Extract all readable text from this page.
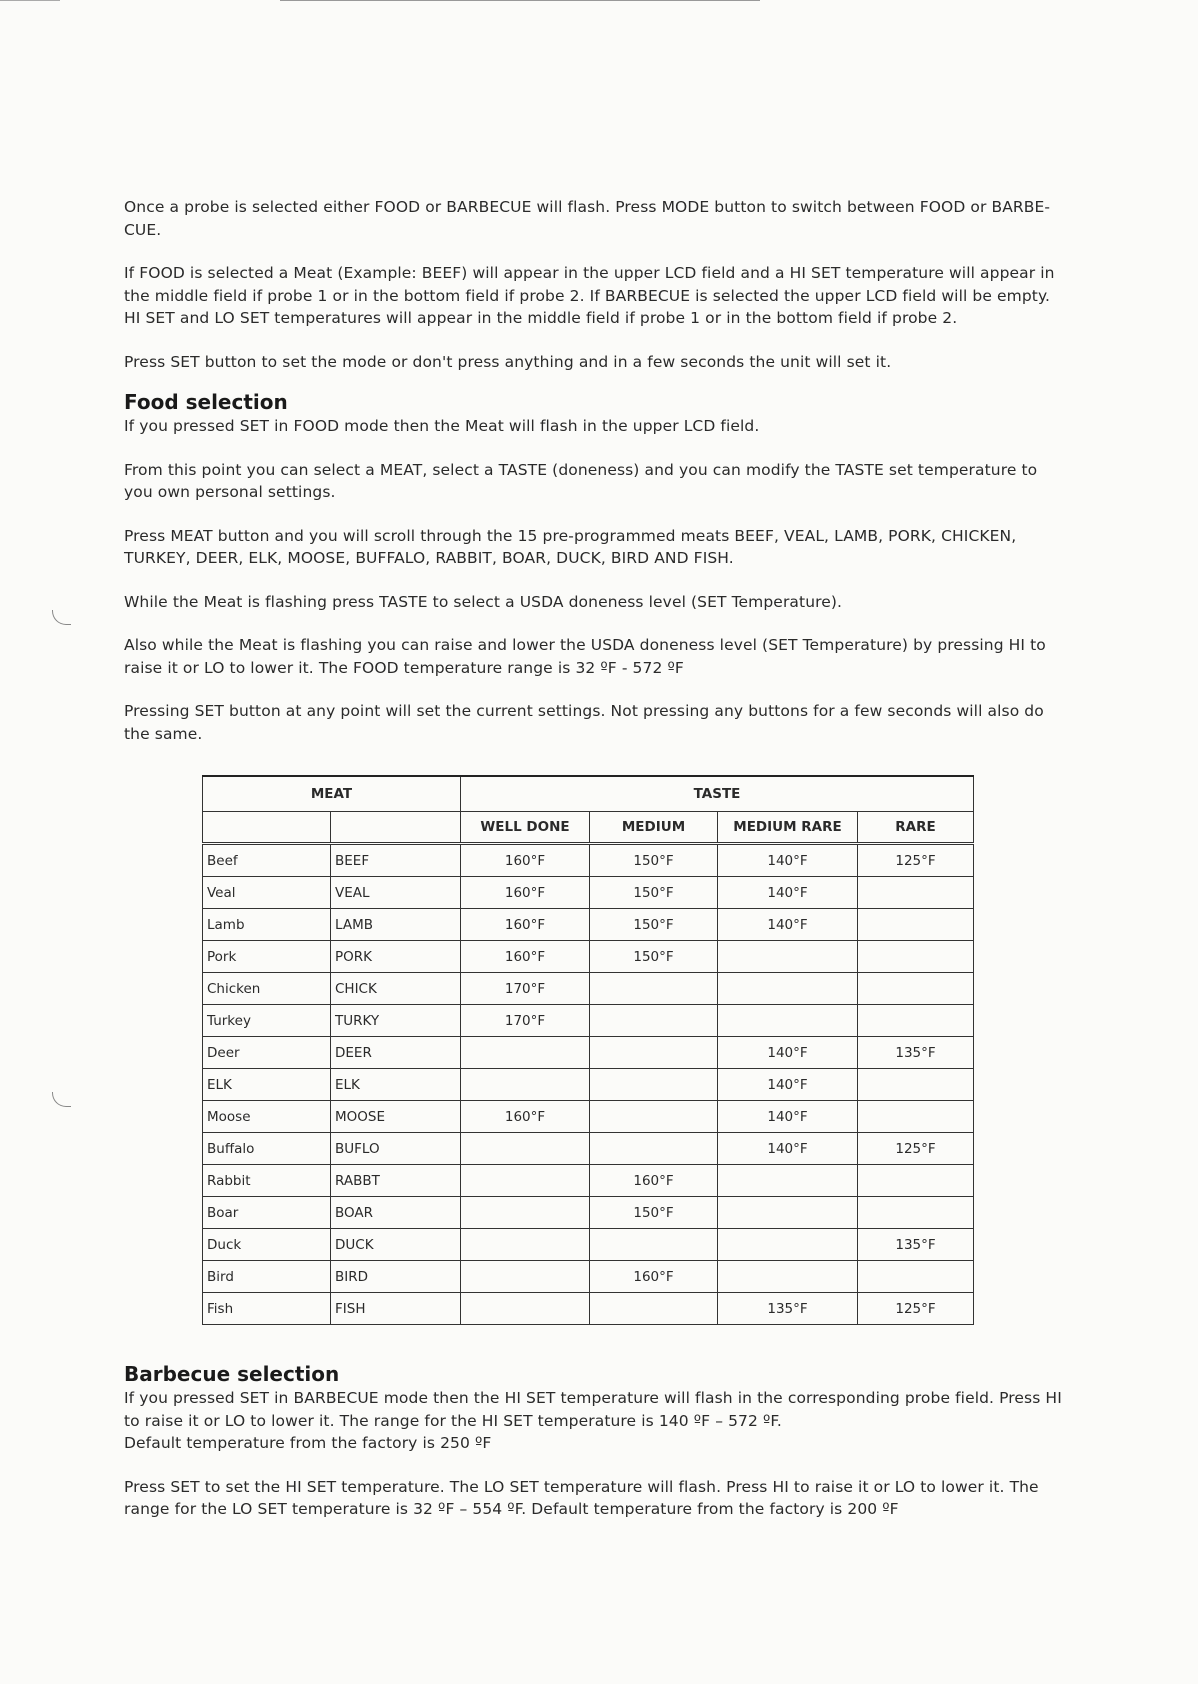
Once a probe is selected either FOOD or BARBECUE will flash. Press MODE button to switch between FOOD or BARBE- CUE.

If FOOD is selected a Meat (Example: BEEF) will appear in the upper LCD field and a HI SET temperature will appear in the middle field if probe 1 or in the bottom field if probe 2. If BARBECUE is selected the upper LCD field will be empty. HI SET and LO SET temperatures will appear in the middle field if probe 1 or in the bottom field if probe 2.

Press SET button to set the mode or don't press anything and in a few seconds the unit will set it.

Food selection

If you pressed SET in FOOD mode then the Meat will flash in the upper LCD field.

From this point you can select a MEAT, select a TASTE (doneness) and you can modify the TASTE set temperature to you own personal settings.

Press MEAT button and you will scroll through the 15 pre-programmed meats BEEF, VEAL, LAMB, PORK, CHICKEN, TURKEY, DEER, ELK, MOOSE, BUFFALO, RABBIT, BOAR, DUCK, BIRD AND FISH.

While the Meat is flashing press TASTE to select a USDA doneness level (SET Temperature).

Also while the Meat is flashing you can raise and lower the USDA doneness level (SET Temperature) by pressing HI to raise it or LO to lower it. The FOOD temperature range is 32 ºF - 572 ºF

Pressing SET button at any point will set the current settings. Not pressing any buttons for a few seconds will also do the same.

MEAT		TASTE			
		WELL DONE	MEDIUM	MEDIUM RARE	RARE
Beef	BEEF	160°F	150°F	140°F	125°F
Veal	VEAL	160°F	150°F	140°F	
Lamb	LAMB	160°F	150°F	140°F	
Pork	PORK	160°F	150°F		
Chicken	CHICK	170°F			
Turkey	TURKY	170°F			
Deer	DEER			140°F	135°F
ELK	ELK			140°F	
Moose	MOOSE	160°F		140°F	
Buffalo	BUFLO			140°F	125°F
Rabbit	RABBT		160°F		
Boar	BOAR		150°F		
Duck	DUCK				135°F
Bird	BIRD		160°F		
Fish	FISH			135°F	125°F
Barbecue selection

If you pressed SET in BARBECUE mode then the HI SET temperature will flash in the corresponding probe field. Press HI to raise it or LO to lower it. The range for the HI SET temperature is 140 ºF – 572 ºF.

Default temperature from the factory is 250 ºF

Press SET to set the HI SET temperature. The LO SET temperature will flash. Press HI to raise it or LO to lower it. The range for the LO SET temperature is 32 ºF – 554 ºF. Default temperature from the factory is 200 ºF
